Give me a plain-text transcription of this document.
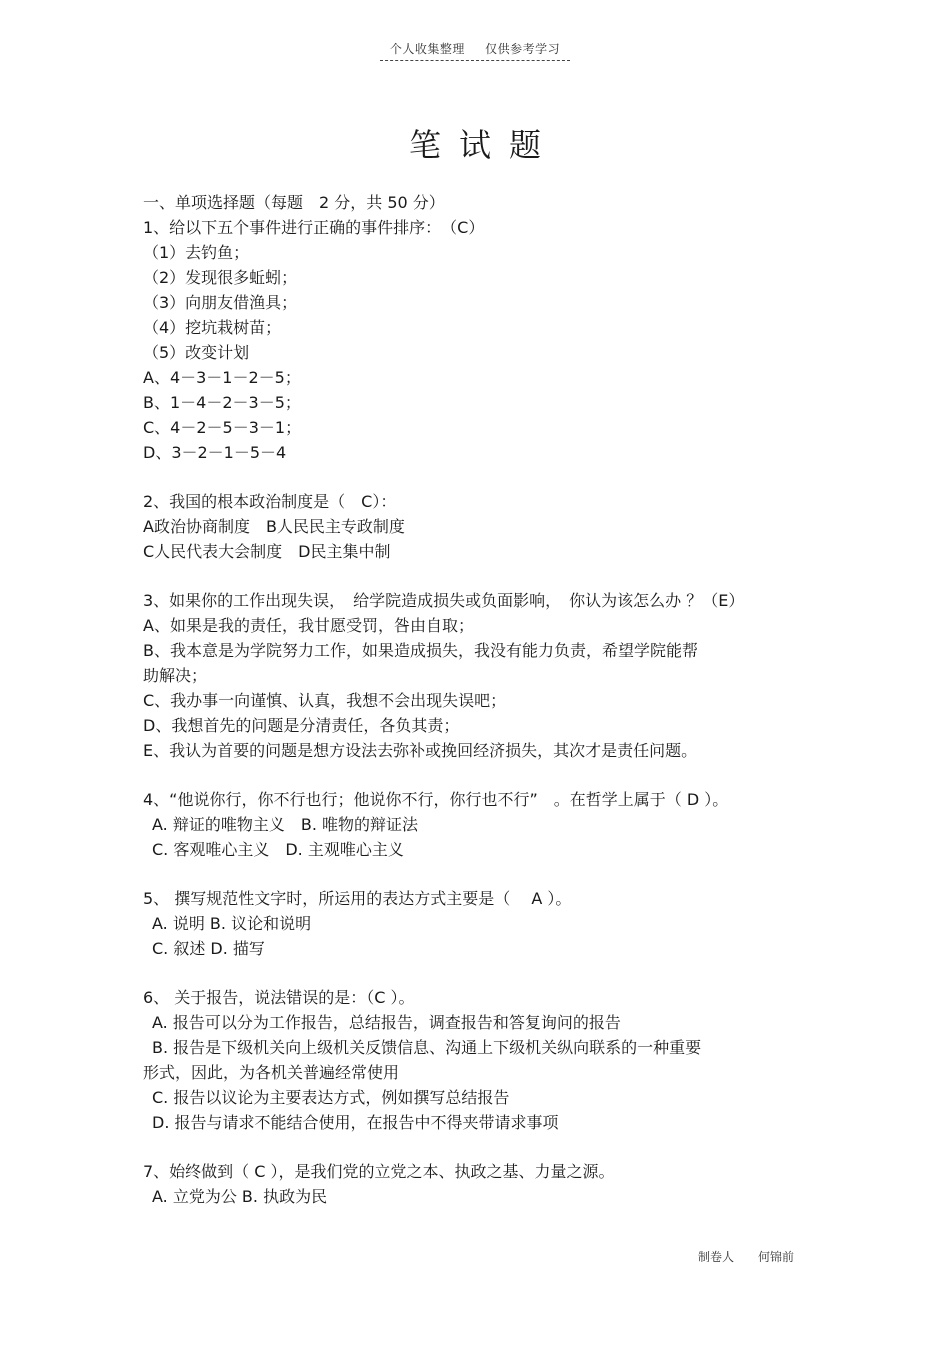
个人收集整理 仅供参考学习
笔试题
一、单项选择题（每题　2 分，共 50 分）
1、给以下五个事件进行正确的事件排序：　（C）
（1）去钓鱼；
（2）发现很多蚯蚓；
（3）向朋友借渔具；
（4）挖坑栽树苗；
（5）改变计划
A、4－3－1－2－5；
B、1－4－2－3－5；
C、4－2－5－3－1；
D、3－2－1－5－4
2、我国的根本政治制度是（　C）：
A政治协商制度　B人民民主专政制度
C人民代表大会制度　D民主集中制
3、如果你的工作出现失误，　给学院造成损失或负面影响，　你认为该怎么办 ？（E）
A、如果是我的责任，我甘愿受罚，咎由自取；
B、我本意是为学院努力工作，如果造成损失，我没有能力负责，希望学院能帮
助解决；
C、我办事一向谨慎、认真，我想不会出现失误吧；
D、我想首先的问题是分清责任，各负其责；
E、我认为首要的问题是想方设法去弥补或挽回经济损失，其次才是责任问题。
4、“他说你行，你不行也行；他说你不行，你行也不行”　。在哲学上属于（ D ）。
A. 辩证的唯物主义　B. 唯物的辩证法
C. 客观唯心主义　D. 主观唯心主义
5、 撰写规范性文字时，所运用的表达方式主要是（　 A ）。
A. 说明 B. 议论和说明
C. 叙述 D. 描写
6、 关于报告，说法错误的是：（C ）。
A. 报告可以分为工作报告，总结报告，调查报告和答复询问的报告
B. 报告是下级机关向上级机关反馈信息、沟通上下级机关纵向联系的一种重要
形式，因此，为各机关普遍经常使用
C. 报告以议论为主要表达方式，例如撰写总结报告
D. 报告与请求不能结合使用，在报告中不得夹带请求事项
7、始终做到（ C ），是我们党的立党之本、执政之基、力量之源。
A. 立党为公 B. 执政为民
制卷人　　 何锦前
